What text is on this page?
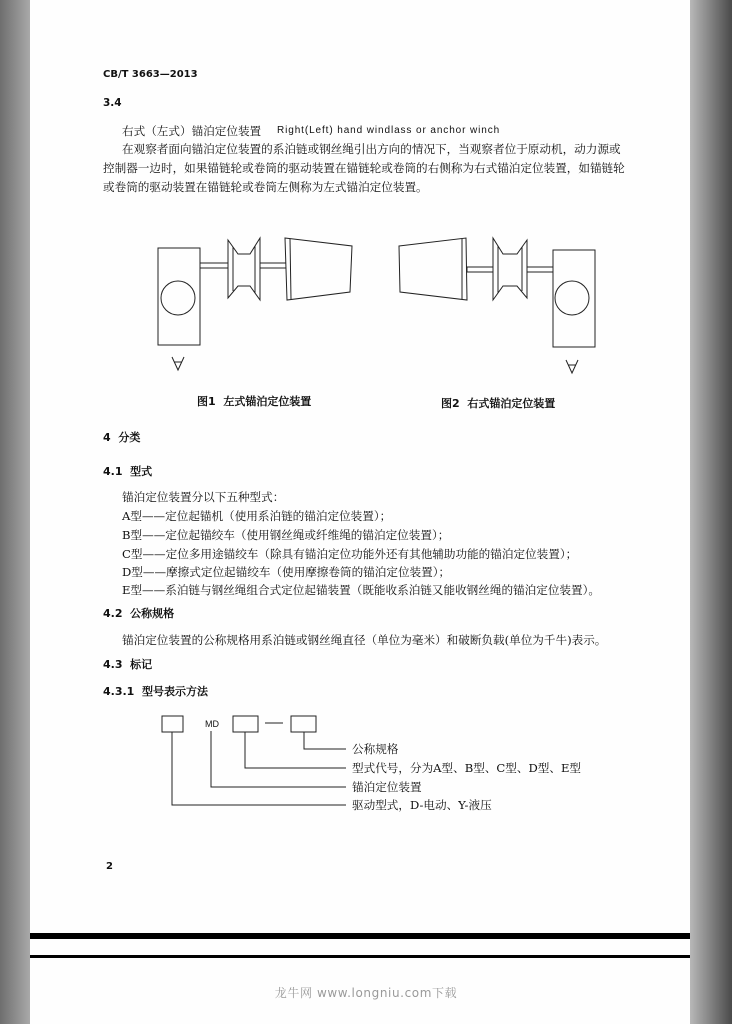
CB/T 3663—2013
3.4
右式（左式）锚泊定位装置 Right(Left) hand windlass or anchor winch
在观察者面向锚泊定位装置的系泊链或钢丝绳引出方向的情况下，当观察者位于原动机，动力源或
控制器一边时，如果锚链轮或卷筒的驱动装置在锚链轮或卷筒的右侧称为右式锚泊定位装置，如锚链轮
或卷筒的驱动装置在锚链轮或卷筒左侧称为左式锚泊定位装置。
图1  左式锚泊定位装置	图2  右式锚泊定位装置
4  分类
4.1  型式
锚泊定位装置分以下五种型式：
A型——定位起锚机（使用系泊链的锚泊定位装置）；
B型——定位起锚绞车（使用钢丝绳或纤维绳的锚泊定位装置）；
C型——定位多用途锚绞车（除具有锚泊定位功能外还有其他辅助功能的锚泊定位装置）；
D型——摩擦式定位起锚绞车（使用摩擦卷筒的锚泊定位装置）；
E型——系泊链与钢丝绳组合式定位起锚装置（既能收系泊链又能收钢丝绳的锚泊定位装置）。
4.2  公称规格
锚泊定位装置的公称规格用系泊链或钢丝绳直径（单位为毫米）和破断负载(单位为千牛)表示。
4.3  标记
4.3.1  型号表示方法
MD
公称规格
型式代号，分为A型、B型、C型、D型、E型
锚泊定位装置
驱动型式，D-电动、Y-液压
2
龙牛网 www.longniu.com下载
